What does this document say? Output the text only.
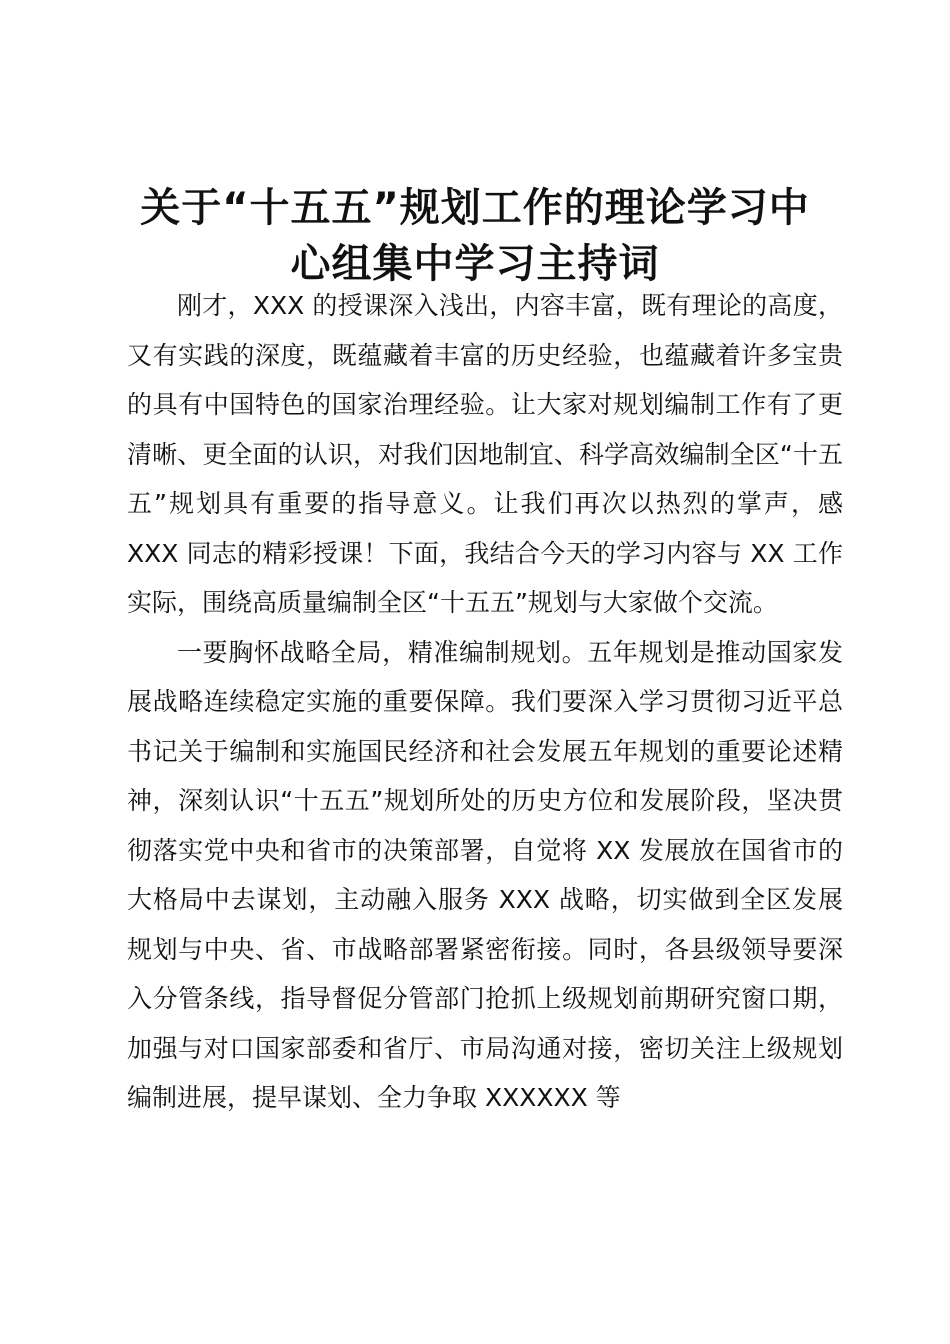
关于“十五五”规划工作的理论学习中
心组集中学习主持词

刚才，XXX 的授课深入浅出，内容丰富，既有理论的高度，又有实践的深度，既蕴藏着丰富的历史经验，也蕴藏着许多宝贵的具有中国特色的国家治理经验。让大家对规划编制工作有了更清晰、更全面的认识，对我们因地制宜、科学高效编制全区“十五五”规划具有重要的指导意义。让我们再次以热烈的掌声，感 XXX 同志的精彩授课！下面，我结合今天的学习内容与 XX 工作实际，围绕高质量编制全区“十五五”规划与大家做个交流。

一要胸怀战略全局，精准编制规划。五年规划是推动国家发展战略连续稳定实施的重要保障。我们要深入学习贯彻习近平总书记关于编制和实施国民经济和社会发展五年规划的重要论述精神，深刻认识“十五五”规划所处的历史方位和发展阶段，坚决贯彻落实党中央和省市的决策部署，自觉将 XX 发展放在国省市的大格局中去谋划，主动融入服务 XXX 战略，切实做到全区发展规划与中央、省、市战略部署紧密衔接。同时，各县级领导要深入分管条线，指导督促分管部门抢抓上级规划前期研究窗口期，加强与对口国家部委和省厅、市局沟通对接，密切关注上级规划编制进展，提早谋划、全力争取 XXXXXX 等
